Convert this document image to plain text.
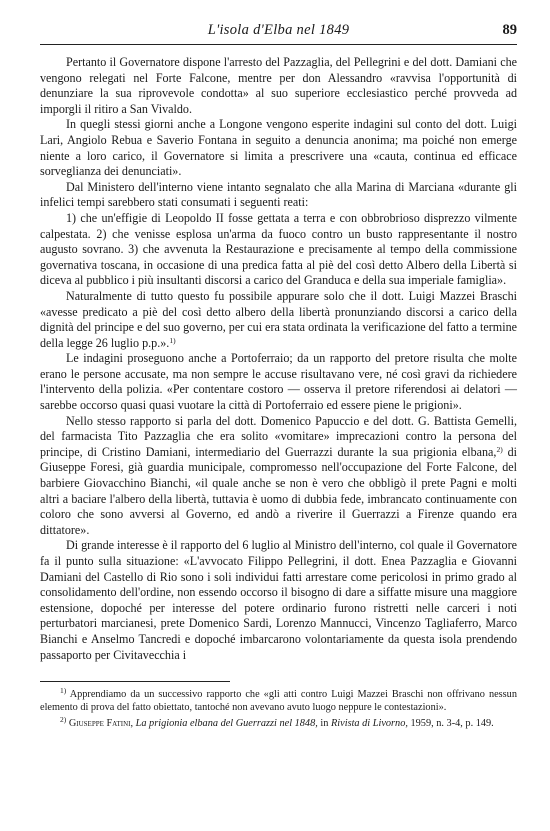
L'isola d'Elba nel 1849	89

Pertanto il Governatore dispone l'arresto del Pazzaglia, del Pellegrini e del dott. Damiani che vengono relegati nel Forte Falcone, mentre per don Alessandro «ravvisa l'opportunità di denunziare la sua riprovevole condotta» al suo superiore ecclesiastico perché provveda ad imporgli il ritiro a San Vivaldo.

In quegli stessi giorni anche a Longone vengono esperite indagini sul conto del dott. Luigi Lari, Angiolo Rebua e Saverio Fontana in seguito a denuncia anonima; ma poiché non emerge niente a loro carico, il Governatore si limita a prescrivere una «cauta, continua ed efficace sorveglianza dei denunciati».

Dal Ministero dell'interno viene intanto segnalato che alla Marina di Marciana «durante gli infelici tempi sarebbero stati consumati i seguenti reati:

1) che un'effigie di Leopoldo II fosse gettata a terra e con obbrobrioso disprezzo vilmente calpestata. 2) che venisse esplosa un'arma da fuoco contro un busto rappresentante il nostro augusto sovrano. 3) che avvenuta la Restaurazione e precisamente al tempo della commissione governativa toscana, in occasione di una predica fatta al piè del così detto Albero della Libertà si diceva al pubblico i più insultanti discorsi a carico del Granduca e della sua imperiale famiglia».

Naturalmente di tutto questo fu possibile appurare solo che il dott. Luigi Mazzei Braschi «avesse predicato a piè del così detto albero della libertà pronunziando discorsi a carico della dignità del principe e del suo governo, per cui era stata ordinata la verificazione del fatto a termine della legge 26 luglio p.p.».$^{1)}$

Le indagini proseguono anche a Portoferraio; da un rapporto del pretore risulta che molte erano le persone accusate, ma non sempre le accuse risultavano vere, né così gravi da richiedere l'intervento della polizia. «Per contentare costoro — osserva il pretore riferendosi ai delatori — sarebbe occorso quasi quasi vuotare la città di Portoferraio ed essere piene le prigioni».

Nello stesso rapporto si parla del dott. Domenico Papuccio e del dott. G. Battista Gemelli, del farmacista Tito Pazzaglia che era solito «vomitare» imprecazioni contro la persona del principe, di Cristino Damiani, intermediario del Guerrazzi durante la sua prigionia elbana,$^{2)}$ di Giuseppe Foresi, già guardia municipale, compromesso nell'occupazione del Forte Falcone, del barbiere Giovacchino Bianchi, «il quale anche se non è vero che obbligò il prete Pagni e molti altri a baciare l'albero della libertà, tuttavia è uomo di dubbia fede, imbrancato continuamente con coloro che sono avversi al Governo, ed andò a riverire il Guerrazzi a Firenze quando era dittatore».

Di grande interesse è il rapporto del 6 luglio al Ministro dell'interno, col quale il Governatore fa il punto sulla situazione: «L'avvocato Filippo Pellegrini, il dott. Enea Pazzaglia e Giovanni Damiani del Castello di Rio sono i soli individui fatti arrestare come pericolosi in primo grado al consolidamento dell'ordine, non essendo occorso il bisogno di dare a siffatte misure una maggiore estensione, dopoché per interesse del potere ordinario furono ristretti nelle carceri i noti perturbatori marcianesi, prete Domenico Sardi, Lorenzo Mannucci, Vincenzo Tagliaferro, Marco Bianchi e Anselmo Tancredi e dopoché imbarcarono volontariamente da questa isola prendendo passaporto per Civitavecchia i

$^{1)}$ Apprendiamo da un successivo rapporto che «gli atti contro Luigi Mazzei Braschi non offrivano nessun elemento di prova del fatto obiettato, tantoché non avevano avuto luogo neppure le contestazioni».

$^{2)}$ Giuseppe Fatini, La prigionia elbana del Guerrazzi nel 1848, in Rivista di Livorno, 1959, n. 3-4, p. 149.
